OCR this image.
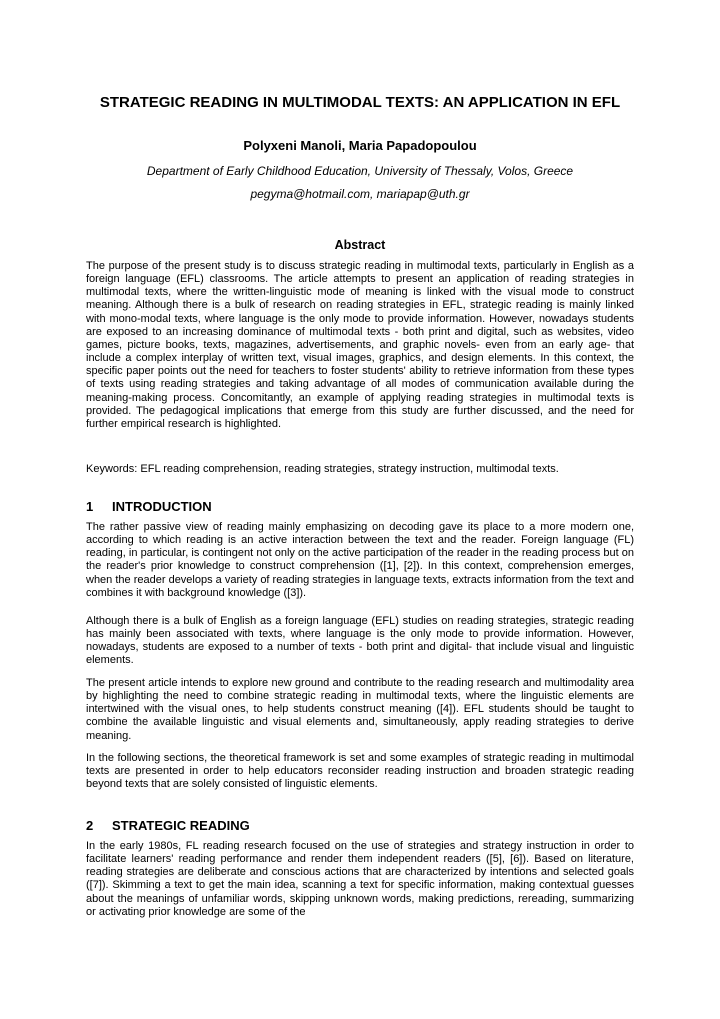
STRATEGIC READING IN MULTIMODAL TEXTS: AN APPLICATION IN EFL

Polyxeni Manoli, Maria Papadopoulou

Department of Early Childhood Education, University of Thessaly, Volos, Greece

pegyma@hotmail.com, mariapap@uth.gr

Abstract

The purpose of the present study is to discuss strategic reading in multimodal texts, particularly in English as a foreign language (EFL) classrooms. The article attempts to present an application of reading strategies in multimodal texts, where the written-linguistic mode of meaning is linked with the visual mode to construct meaning. Although there is a bulk of research on reading strategies in EFL, strategic reading is mainly linked with mono-modal texts, where language is the only mode to provide information. However, nowadays students are exposed to an increasing dominance of multimodal texts - both print and digital, such as websites, video games, picture books, texts, magazines, advertisements, and graphic novels- even from an early age- that include a complex interplay of written text, visual images, graphics, and design elements. In this context, the specific paper points out the need for teachers to foster students' ability to retrieve information from these types of texts using reading strategies and taking advantage of all modes of communication available during the meaning-making process. Concomitantly, an example of applying reading strategies in multimodal texts is provided. The pedagogical implications that emerge from this study are further discussed, and the need for further empirical research is highlighted.

Keywords: EFL reading comprehension, reading strategies, strategy instruction, multimodal texts.

1 INTRODUCTION

The rather passive view of reading mainly emphasizing on decoding gave its place to a more modern one, according to which reading is an active interaction between the text and the reader. Foreign language (FL) reading, in particular, is contingent not only on the active participation of the reader in the reading process but on the reader's prior knowledge to construct comprehension ([1], [2]). In this context, comprehension emerges, when the reader develops a variety of reading strategies in language texts, extracts information from the text and combines it with background knowledge ([3]).

Although there is a bulk of English as a foreign language (EFL) studies on reading strategies, strategic reading has mainly been associated with texts, where language is the only mode to provide information. However, nowadays, students are exposed to a number of texts - both print and digital- that include visual and linguistic elements.

The present article intends to explore new ground and contribute to the reading research and multimodality area by highlighting the need to combine strategic reading in multimodal texts, where the linguistic elements are intertwined with the visual ones, to help students construct meaning ([4]). EFL students should be taught to combine the available linguistic and visual elements and, simultaneously, apply reading strategies to derive meaning.

In the following sections, the theoretical framework is set and some examples of strategic reading in multimodal texts are presented in order to help educators reconsider reading instruction and broaden strategic reading beyond texts that are solely consisted of linguistic elements.

2 STRATEGIC READING

In the early 1980s, FL reading research focused on the use of strategies and strategy instruction in order to facilitate learners' reading performance and render them independent readers ([5], [6]). Based on literature, reading strategies are deliberate and conscious actions that are characterized by intentions and selected goals ([7]). Skimming a text to get the main idea, scanning a text for specific information, making contextual guesses about the meanings of unfamiliar words, skipping unknown words, making predictions, rereading, summarizing or activating prior knowledge are some of the
